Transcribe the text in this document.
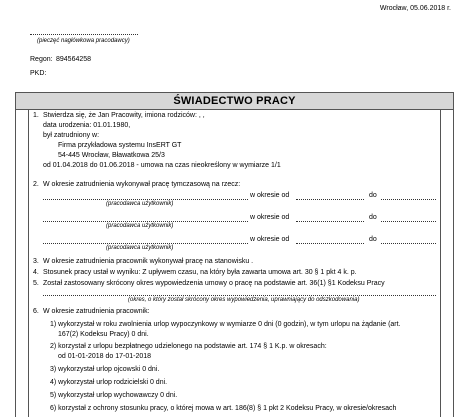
Wrocław, 05.06.2018 r.
(pieczęć nagłówkowa pracodawcy)
Regon: 894564258
PKD:
ŚWIADECTWO PRACY
1. Stwierdza się, że Jan Pracowity, imiona rodziców: , ,
data urodzenia: 01.01.1980,
był zatrudniony w:
Firma przykładowa systemu InsERT GT
54-445 Wrocław, Bławatkowa 25/3
od 01.04.2018 do 01.06.2018 - umowa na czas nieokreślony w wymiarze 1/1
2. W okresie zatrudnienia wykonywał pracę tymczasową na rzecz:
w okresie od	do
(pracodawca użytkownik)
w okresie od	do
(pracodawca użytkownik)
w okresie od	do
(pracodawca użytkownik)
3. W okresie zatrudnienia pracownik wykonywał pracę na stanowisku .
4. Stosunek pracy ustał w wyniku: Z upływem czasu, na który była zawarta umowa art. 30 § 1 pkt 4 k. p.
5. Został zastosowany skrócony okres wypowiedzenia umowy o pracę na podstawie art. 36(1) §1 Kodeksu Pracy
(okres, o który został skrócony okres wypowiedzenia, uprawniający do odszkodowania)
6. W okresie zatrudnienia pracownik:
1) wykorzystał w roku zwolnienia urlop wypoczynkowy w wymiarze 0 dni (0 godzin), w tym urlopu na żądanie (art.
167(2) Kodeksu Pracy) 0 dni.
2) korzystał z urlopu bezpłatnego udzielonego na podstawie art. 174 § 1 K.p. w okresach:
od 01-01-2018 do 17-01-2018
3) wykorzystał urlop ojcowski 0 dni.
4) wykorzystał urlop rodzicielski 0 dni.
5) wykorzystał urlop wychowawczy 0 dni.
6) korzystał z ochrony stosunku pracy, o której mowa w art. 186(8) § 1 pkt 2 Kodeksu Pracy, w okresie/okresach
